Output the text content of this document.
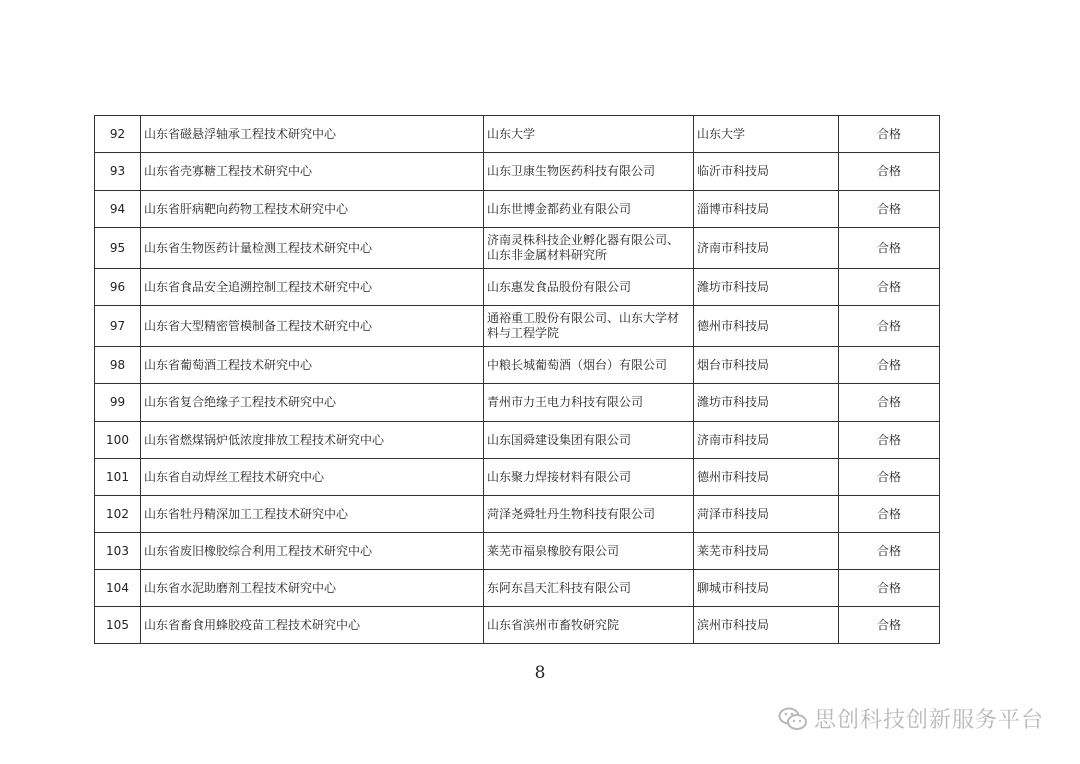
92	山东省磁悬浮轴承工程技术研究中心	山东大学	山东大学	合格
93	山东省壳寡糖工程技术研究中心	山东卫康生物医药科技有限公司	临沂市科技局	合格
94	山东省肝病靶向药物工程技术研究中心	山东世博金都药业有限公司	淄博市科技局	合格
95	山东省生物医药计量检测工程技术研究中心	济南灵株科技企业孵化器有限公司、山东非金属材料研究所	济南市科技局	合格
96	山东省食品安全追溯控制工程技术研究中心	山东惠发食品股份有限公司	潍坊市科技局	合格
97	山东省大型精密管模制备工程技术研究中心	通裕重工股份有限公司、山东大学材料与工程学院	德州市科技局	合格
98	山东省葡萄酒工程技术研究中心	中粮长城葡萄酒（烟台）有限公司	烟台市科技局	合格
99	山东省复合绝缘子工程技术研究中心	青州市力王电力科技有限公司	潍坊市科技局	合格
100	山东省燃煤锅炉低浓度排放工程技术研究中心	山东国舜建设集团有限公司	济南市科技局	合格
101	山东省自动焊丝工程技术研究中心	山东聚力焊接材料有限公司	德州市科技局	合格
102	山东省牡丹精深加工工程技术研究中心	菏泽尧舜牡丹生物科技有限公司	菏泽市科技局	合格
103	山东省废旧橡胶综合利用工程技术研究中心	莱芜市福泉橡胶有限公司	莱芜市科技局	合格
104	山东省水泥助磨剂工程技术研究中心	东阿东昌天汇科技有限公司	聊城市科技局	合格
105	山东省畜食用蜂胶疫苗工程技术研究中心	山东省滨州市畜牧研究院	滨州市科技局	合格
8
思创科技创新服务平台
